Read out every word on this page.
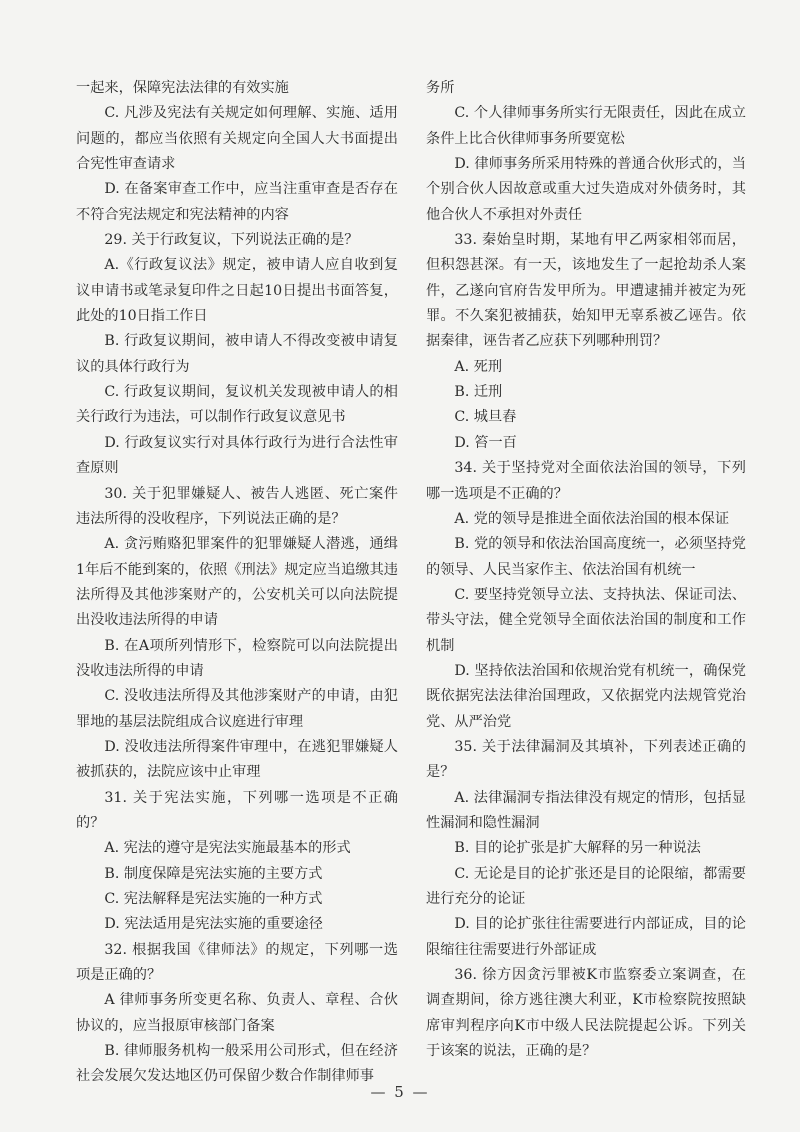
一起来，保障宪法法律的有效实施

C. 凡涉及宪法有关规定如何理解、实施、适用问题的，都应当依照有关规定向全国人大书面提出合宪性审查请求

D. 在备案审查工作中，应当注重审查是否存在不符合宪法规定和宪法精神的内容

29. 关于行政复议，下列说法正确的是？

A.《行政复议法》规定，被申请人应自收到复议申请书或笔录复印件之日起10日提出书面答复，此处的10日指工作日

B. 行政复议期间，被申请人不得改变被申请复议的具体行政行为

C. 行政复议期间，复议机关发现被申请人的相关行政行为违法，可以制作行政复议意见书

D. 行政复议实行对具体行政行为进行合法性审查原则

30. 关于犯罪嫌疑人、被告人逃匿、死亡案件违法所得的没收程序，下列说法正确的是？

A. 贪污贿赂犯罪案件的犯罪嫌疑人潜逃，通缉1年后不能到案的，依照《刑法》规定应当追缴其违法所得及其他涉案财产的，公安机关可以向法院提出没收违法所得的申请

B. 在A项所列情形下，检察院可以向法院提出没收违法所得的申请

C. 没收违法所得及其他涉案财产的申请，由犯罪地的基层法院组成合议庭进行审理

D. 没收违法所得案件审理中，在逃犯罪嫌疑人被抓获的，法院应该中止审理

31. 关于宪法实施，下列哪一选项是不正确的？

A. 宪法的遵守是宪法实施最基本的形式

B. 制度保障是宪法实施的主要方式

C. 宪法解释是宪法实施的一种方式

D. 宪法适用是宪法实施的重要途径

32. 根据我国《律师法》的规定，下列哪一选项是正确的？

A 律师事务所变更名称、负责人、章程、合伙协议的，应当报原审核部门备案

B. 律师服务机构一般采用公司形式，但在经济社会发展欠发达地区仍可保留少数合作制律师事

务所

C. 个人律师事务所实行无限责任，因此在成立条件上比合伙律师事务所要宽松

D. 律师事务所采用特殊的普通合伙形式的，当个别合伙人因故意或重大过失造成对外债务时，其他合伙人不承担对外责任

33. 秦始皇时期，某地有甲乙两家相邻而居，但积怨甚深。有一天，该地发生了一起抢劫杀人案件，乙遂向官府告发甲所为。甲遭逮捕并被定为死罪。不久案犯被捕获，始知甲无辜系被乙诬告。依据秦律，诬告者乙应获下列哪种刑罚？

A. 死刑

B. 迁刑

C. 城旦舂

D. 笞一百

34. 关于坚持党对全面依法治国的领导，下列哪一选项是不正确的？

A. 党的领导是推进全面依法治国的根本保证

B. 党的领导和依法治国高度统一，必须坚持党的领导、人民当家作主、依法治国有机统一

C. 要坚持党领导立法、支持执法、保证司法、带头守法，健全党领导全面依法治国的制度和工作机制

D. 坚持依法治国和依规治党有机统一，确保党既依据宪法法律治国理政，又依据党内法规管党治党、从严治党

35. 关于法律漏洞及其填补，下列表述正确的是？

A. 法律漏洞专指法律没有规定的情形，包括显性漏洞和隐性漏洞

B. 目的论扩张是扩大解释的另一种说法

C. 无论是目的论扩张还是目的论限缩，都需要进行充分的论证

D. 目的论扩张往往需要进行内部证成，目的论限缩往往需要进行外部证成

36. 徐方因贪污罪被K市监察委立案调查，在调查期间，徐方逃往澳大利亚，K市检察院按照缺席审判程序向K市中级人民法院提起公诉。下列关于该案的说法，正确的是？

— 5 —
